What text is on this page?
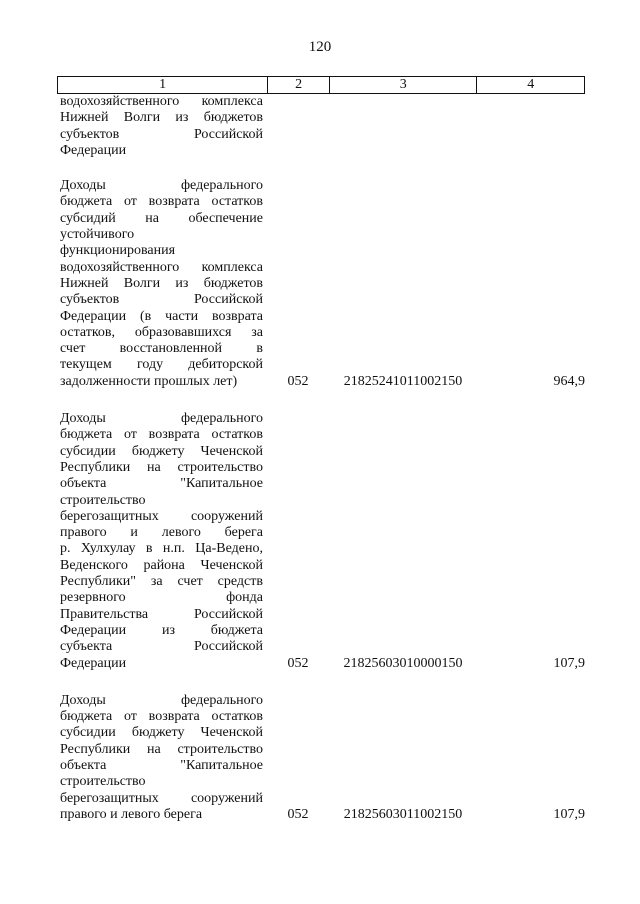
120
1	2	3	4
водохозяйственного комплекса
Нижней Волги из бюджетов
субъектов Российской
Федерации
Доходы федерального
бюджета от возврата остатков
субсидий на обеспечение
устойчивого
функционирования
водохозяйственного комплекса
Нижней Волги из бюджетов
субъектов Российской
Федерации (в части возврата
остатков, образовавшихся за
счет восстановленной в
текущем году дебиторской
задолженности прошлых лет)	052	21825241011002150	964,9
Доходы федерального
бюджета от возврата остатков
субсидии бюджету Чеченской
Республики на строительство
объекта "Капитальное
строительство
берегозащитных сооружений
правого и левого берега
р. Хулхулау в н.п. Ца-Ведено,
Веденского района Чеченской
Республики" за счет средств
резервного фонда
Правительства Российской
Федерации из бюджета
субъекта Российской
Федерации	052	21825603010000150	107,9
Доходы федерального
бюджета от возврата остатков
субсидии бюджету Чеченской
Республики на строительство
объекта "Капитальное
строительство
берегозащитных сооружений
правого и левого берега	052	21825603011002150	107,9
